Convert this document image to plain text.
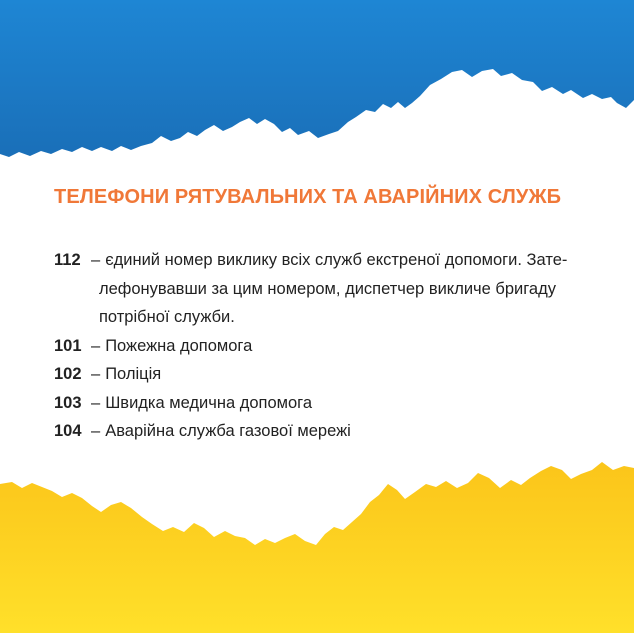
ТЕЛЕФОНИ РЯТУВАЛЬНИХ ТА АВАРІЙНИХ СЛУЖБ
112 – єдиний номер виклику всіх служб екстреної допомоги. Зате-
лефонувавши за цим номером, диспетчер викличе бригаду
потрібної служби.
101 – Пожежна допомога
102 – Поліція
103 – Швидка медична допомога
104 – Аварійна служба газової мережі
